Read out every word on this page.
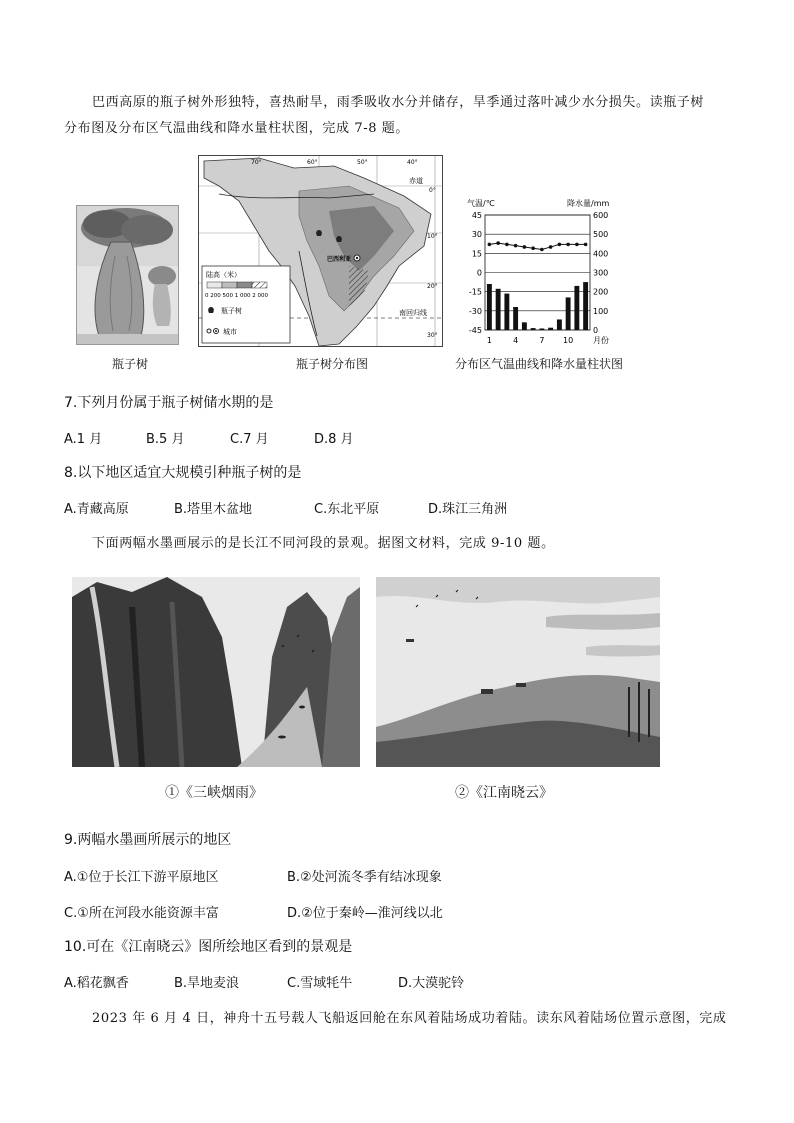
巴西高原的瓶子树外形独特，喜热耐旱，雨季吸收水分并储存，旱季通过落叶减少水分损失。读瓶子树
分布图及分布区气温曲线和降水量柱状图，完成 7-8 题。
瓶子树
70°	60°	50°	40°
0°
10°
20°
30°
赤道
南回归线
巴西利亚
陆高（米）
0 200 500 1 000 2 000
瓶子树
城市
瓶子树分布图
气温/℃	降水量/mm
45
30
15
0
-15
-30
-45
600
500
400
300
200
100
0
1	4	7 10 月份
分布区气温曲线和降水量柱状图
7.下列月份属于瓶子树储水期的是
A.1 月	B.5 月	C.7 月	D.8 月
8.以下地区适宜大规模引种瓶子树的是
A.青藏高原	B.塔里木盆地	C.东北平原	D.珠江三角洲
下面两幅水墨画展示的是长江不同河段的景观。据图文材料，完成 9-10 题。
①《三峡烟雨》	②《江南晓云》
9.两幅水墨画所展示的地区
A.①位于长江下游平原地区	B.②处河流冬季有结冰现象
C.①所在河段水能资源丰富	D.②位于秦岭—淮河线以北
10.可在《江南晓云》图所绘地区看到的景观是
A.稻花飘香	B.旱地麦浪	C.雪域牦牛	D.大漠驼铃
2023 年 6 月 4 日，神舟十五号载人飞船返回舱在东风着陆场成功着陆。读东风着陆场位置示意图，完成
